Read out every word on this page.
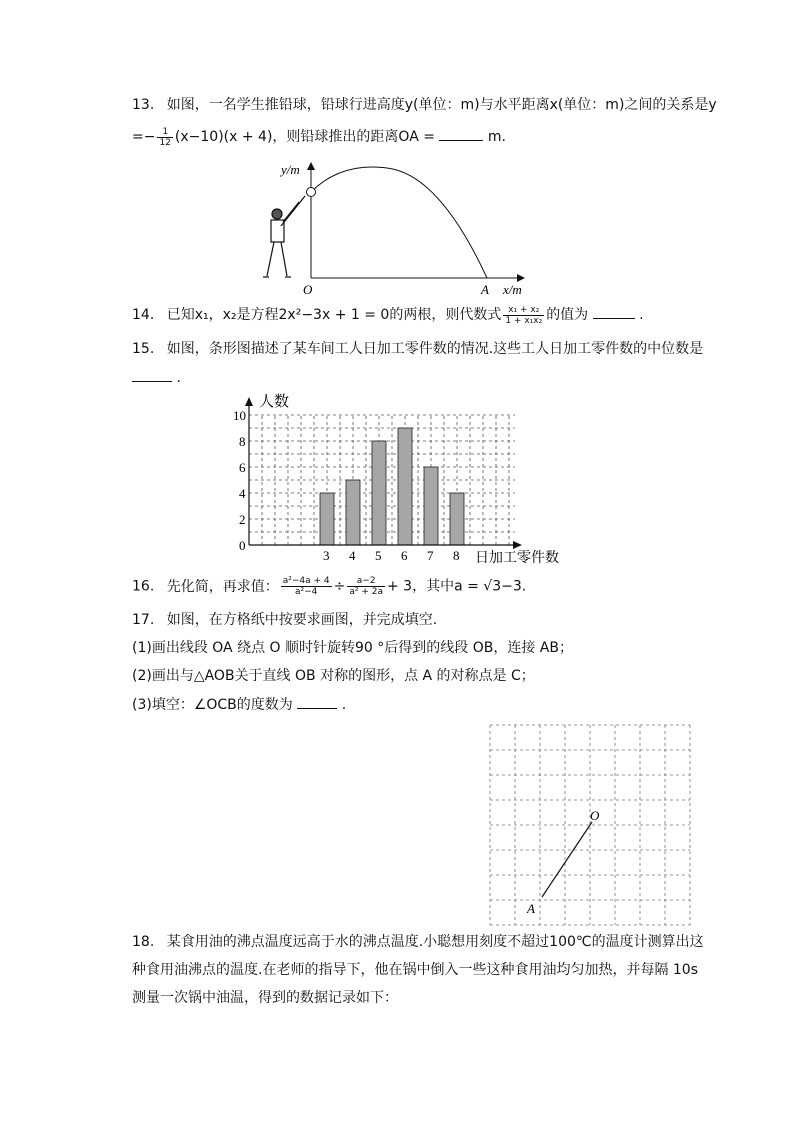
13. 如图，一名学生推铅球，铅球行进高度y(单位：m)与水平距离x(单位：m)之间的关系是y
=− $\frac{1}{12} (x-10)(x + 4)$，则铅球推出的距离OA =	m.
y/m
x/m
O	A
14. 已知x₁，x₂是方程2x²−3x + 1 = 0的两根，则代数式 $\frac{\text{x₁ + x₂}}{\text{1 + x₁x₂}}$ 的值为	.
15. 如图，条形图描述了某车间工人日加工零件数的情况.这些工人日加工零件数的中位数是
.
3 4 5 6 7 8
0
2
4
6
8
10
人数
日加工零件数
16. 先化简，再求值： $\frac{\text{a²−4a + 4}}{\text{a²−4}} \div \frac{a-2}{\text{a² + 2a}} + 3$，其中a = √3−3.
17. 如图，在方格纸中按要求画图，并完成填空.
(1)画出线段 OA 绕点 O 顺时针旋转90 °后得到的线段 OB，连接 AB；
(2)画出与△AOB关于直线 OB 对称的图形，点 A 的对称点是 C；
(3)填空：∠OCB的度数为	.
O
A
18. 某食用油的沸点温度远高于水的沸点温度.小聪想用刻度不超过100℃的温度计测算出这
种食用油沸点的温度.在老师的指导下，他在锅中倒入一些这种食用油均匀加热，并每隔 10s
测量一次锅中油温，得到的数据记录如下：
